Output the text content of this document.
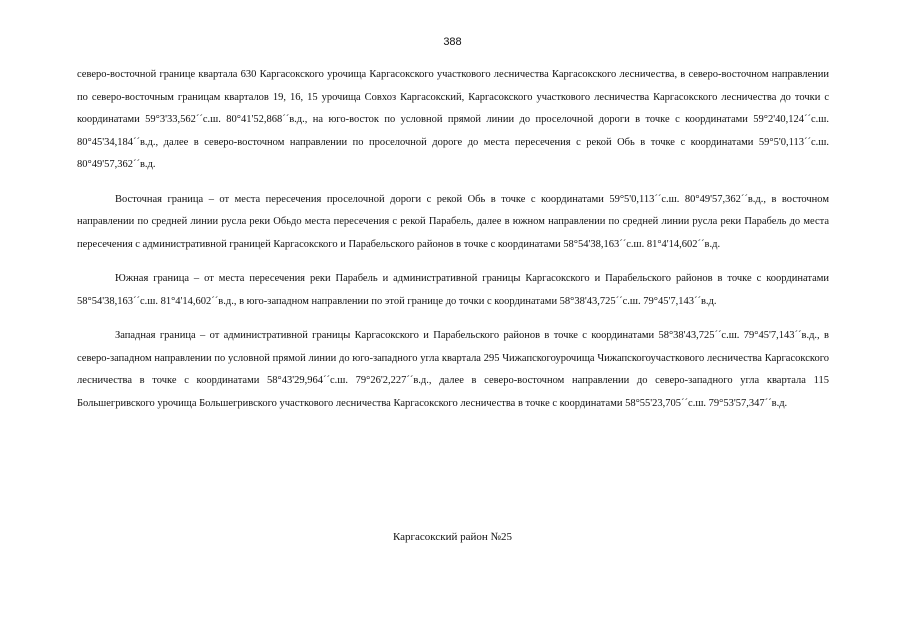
388

северо-восточной границе квартала 630 Каргасокского урочища Каргасокского участкового лесничества Каргасокского лесничества, в северо-восточном направлении по северо-восточным границам кварталов 19, 16, 15 урочища Совхоз Каргасокский, Каргасокского участкового лесничества Каргасокского лесничества до точки с координатами 59°3'33,562´´с.ш. 80°41'52,868´´в.д., на юго-восток по условной прямой линии до проселочной дороги в точке с координатами 59°2'40,124´´с.ш. 80°45'34,184´´в.д., далее в северо-восточном направлении по проселочной дороге до места пересечения с рекой Обь в точке с координатами 59°5'0,113´´с.ш. 80°49'57,362´´в.д.

Восточная граница – от места пересечения проселочной дороги с рекой Обь в точке с координатами 59°5'0,113´´с.ш. 80°49'57,362´´в.д., в восточном направлении по средней линии русла реки Обьдо места пересечения с рекой Парабель, далее в южном направлении по средней линии русла реки Парабель до места пересечения с административной границей Каргасокского и Парабельского районов в точке с координатами 58°54'38,163´´с.ш. 81°4'14,602´´в.д.

Южная граница – от места пересечения реки Парабель и административной границы Каргасокского и Парабельского районов в точке с координатами 58°54'38,163´´с.ш. 81°4'14,602´´в.д., в юго-западном направлении по этой границе до точки с координатами 58°38'43,725´´с.ш. 79°45'7,143´´в.д.

Западная граница – от административной границы Каргасокского и Парабельского районов в точке с координатами 58°38'43,725´´с.ш. 79°45'7,143´´в.д., в северо-западном направлении по условной прямой линии до юго-западного угла квартала 295 Чижапскогоурочища Чижапскогоучасткового лесничества Каргасокского лесничества в точке с координатами 58°43'29,964´´с.ш. 79°26'2,227´´в.д., далее в северо-восточном направлении до северо-западного угла квартала 115 Большегривского урочища Большегривского участкового лесничества Каргасокского лесничества в точке с координатами 58°55'23,705´´с.ш. 79°53'57,347´´в.д.

Каргасокский район №25
